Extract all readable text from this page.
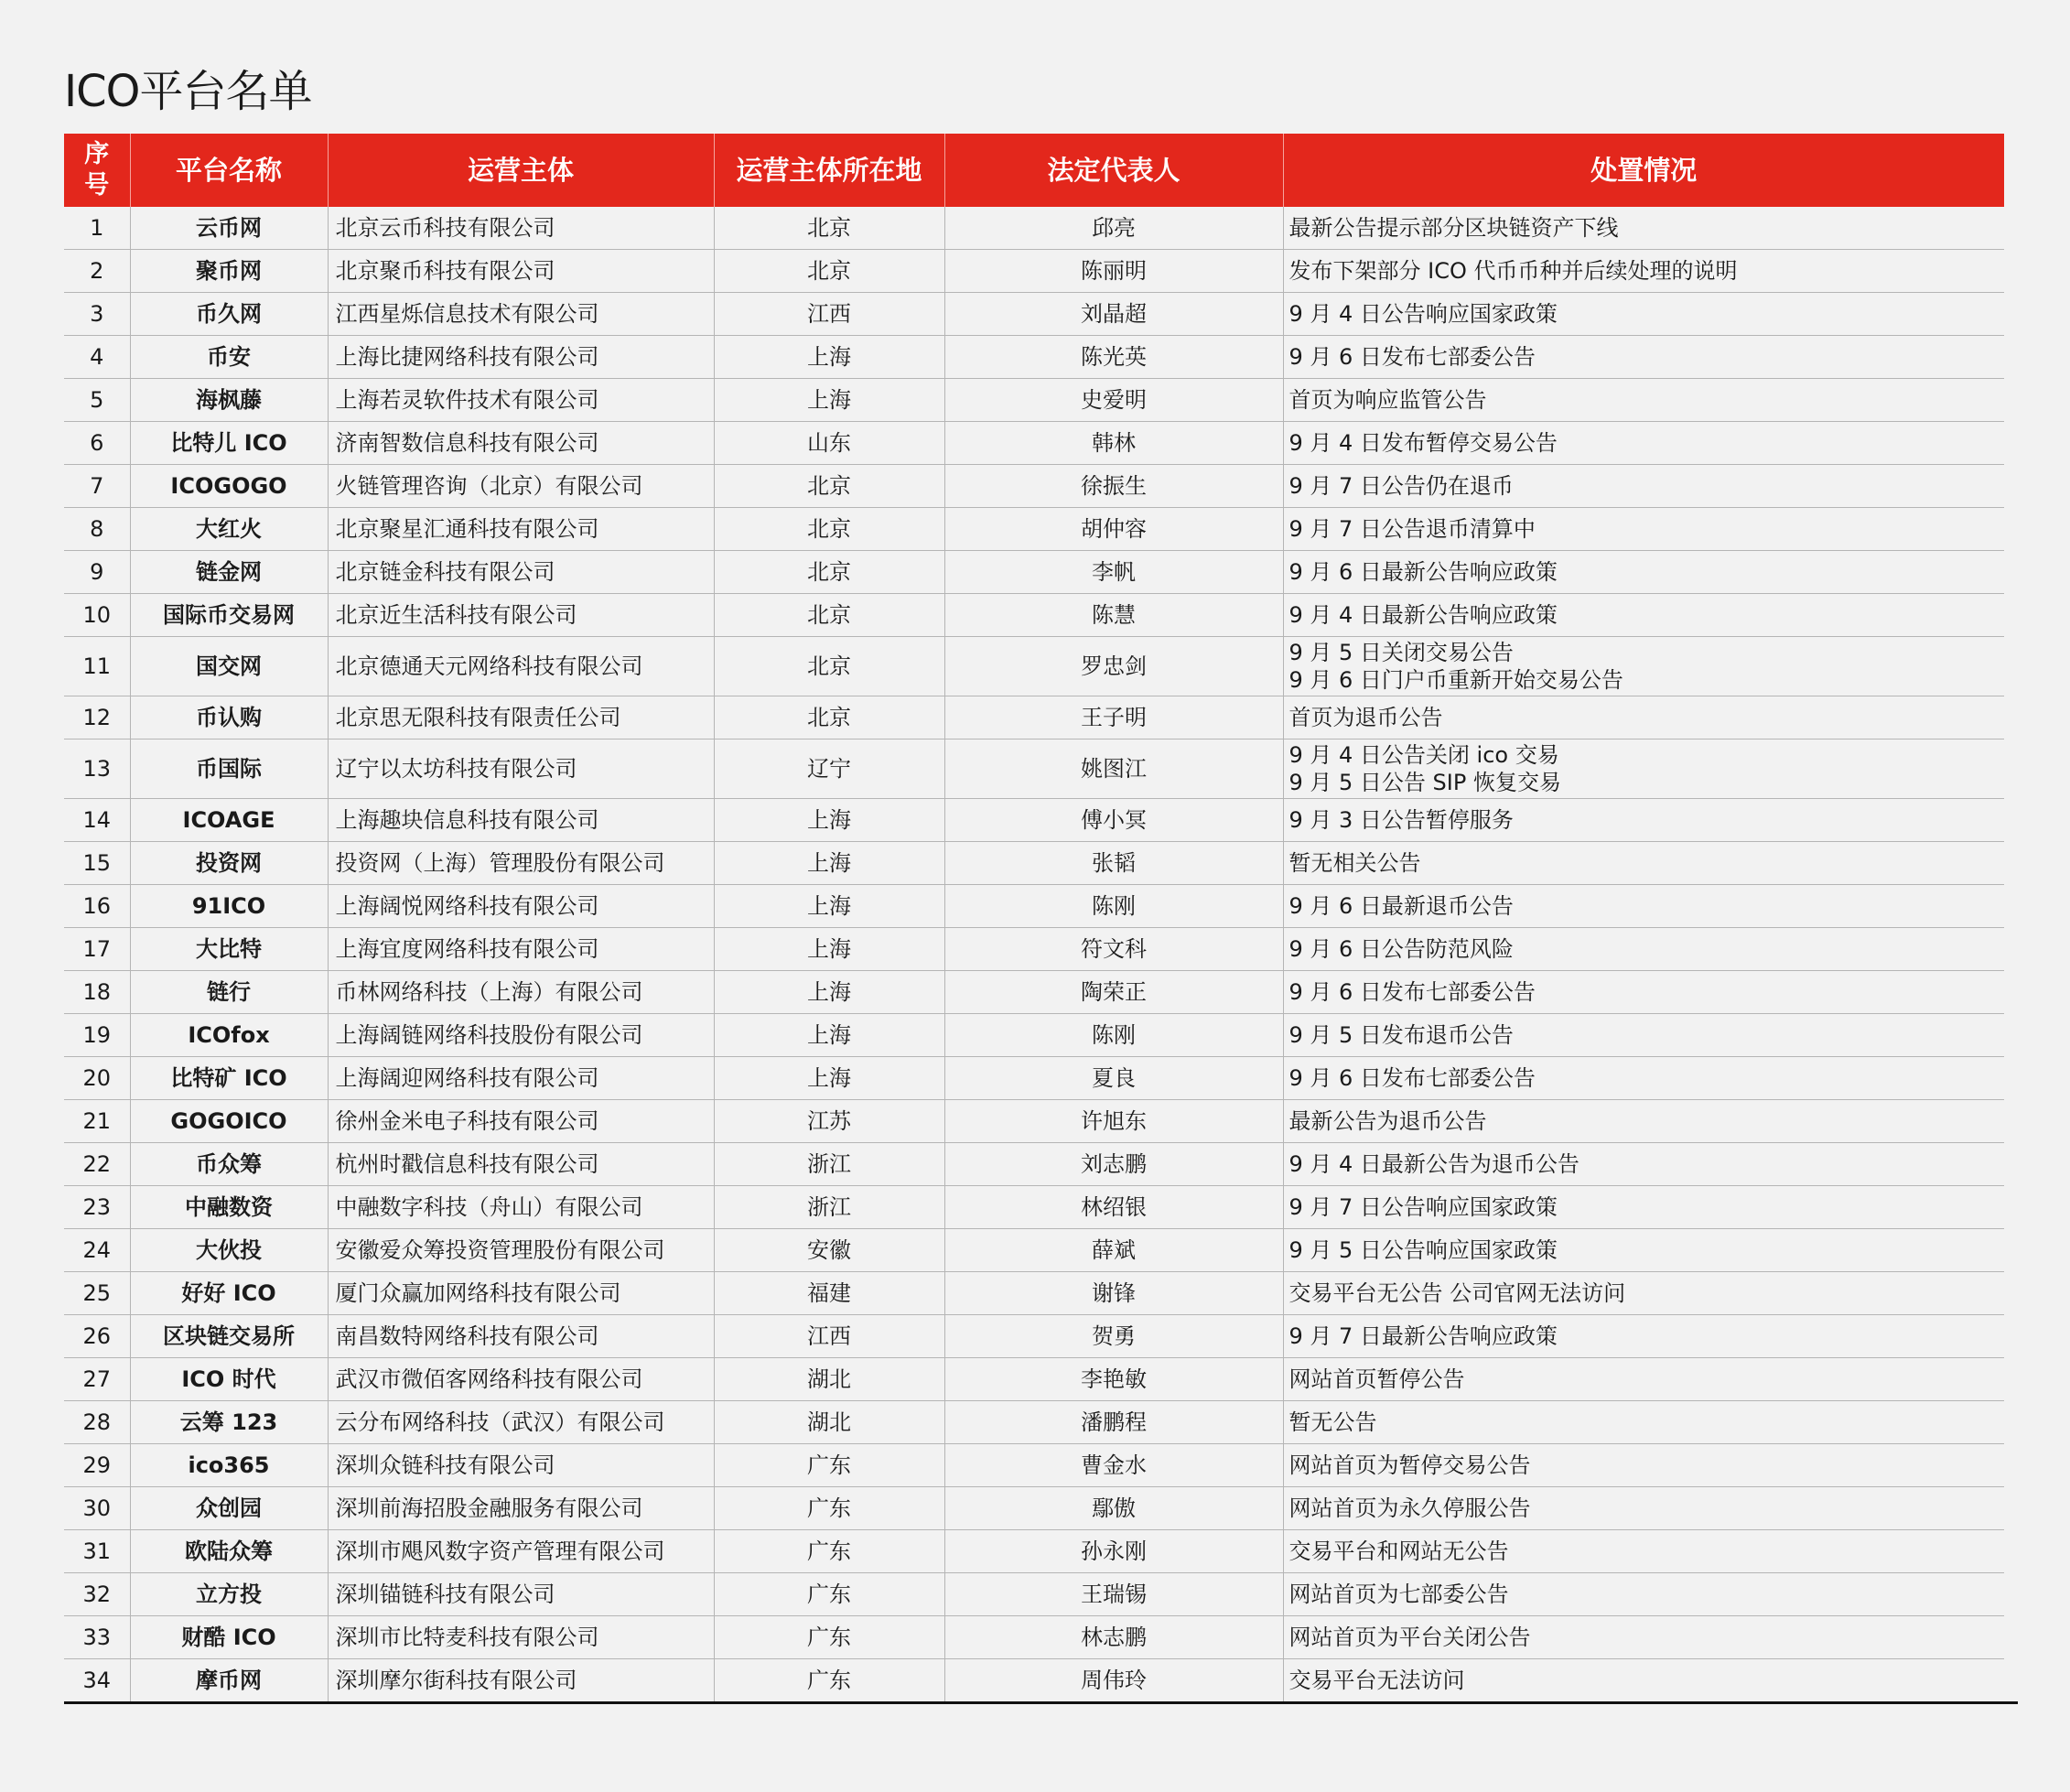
ICO平台名单
序号	平台名称	运营主体	运营主体所在地	法定代表人	处置情况
1	云币网	北京云币科技有限公司	北京	邱亮	最新公告提示部分区块链资产下线

2	聚币网	北京聚币科技有限公司	北京	陈丽明	发布下架部分 ICO 代币币种并后续处理的说明

3	币久网	江西星烁信息技术有限公司	江西	刘晶超	9 月 4 日公告响应国家政策

4	币安	上海比捷网络科技有限公司	上海	陈光英	9 月 6 日发布七部委公告

5	海枫藤	上海若灵软件技术有限公司	上海	史爱明	首页为响应监管公告

6	比特儿 ICO	济南智数信息科技有限公司	山东	韩林	9 月 4 日发布暂停交易公告

7	ICOGOGO	火链管理咨询（北京）有限公司	北京	徐振生	9 月 7 日公告仍在退币

8	大红火	北京聚星汇通科技有限公司	北京	胡仲容	9 月 7 日公告退币清算中

9	链金网	北京链金科技有限公司	北京	李帆	9 月 6 日最新公告响应政策

10	国际币交易网	北京近生活科技有限公司	北京	陈慧	9 月 4 日最新公告响应政策

11	国交网	北京德通天元网络科技有限公司	北京	罗忠剑	9 月 5 日关闭交易公告
9 月 6 日门户币重新开始交易公告

12	币认购	北京思无限科技有限责任公司	北京	王子明	首页为退币公告

13	币国际	辽宁以太坊科技有限公司	辽宁	姚图江	9 月 4 日公告关闭 ico 交易
9 月 5 日公告 SIP 恢复交易

14	ICOAGE	上海趣块信息科技有限公司	上海	傅小冥	9 月 3 日公告暂停服务

15	投资网	投资网（上海）管理股份有限公司	上海	张韬	暂无相关公告

16	91ICO	上海阔悦网络科技有限公司	上海	陈刚	9 月 6 日最新退币公告

17	大比特	上海宜度网络科技有限公司	上海	符文科	9 月 6 日公告防范风险

18	链行	币林网络科技（上海）有限公司	上海	陶荣正	9 月 6 日发布七部委公告

19	ICOfox	上海阔链网络科技股份有限公司	上海	陈刚	9 月 5 日发布退币公告

20	比特矿 ICO	上海阔迎网络科技有限公司	上海	夏良	9 月 6 日发布七部委公告

21	GOGOICO	徐州金米电子科技有限公司	江苏	许旭东	最新公告为退币公告

22	币众筹	杭州时戳信息科技有限公司	浙江	刘志鹏	9 月 4 日最新公告为退币公告

23	中融数资	中融数字科技（舟山）有限公司	浙江	林绍银	9 月 7 日公告响应国家政策

24	大伙投	安徽爱众筹投资管理股份有限公司	安徽	薛斌	9 月 5 日公告响应国家政策

25	好好 ICO	厦门众赢加网络科技有限公司	福建	谢锋	交易平台无公告 公司官网无法访问

26	区块链交易所	南昌数特网络科技有限公司	江西	贺勇	9 月 7 日最新公告响应政策

27	ICO 时代	武汉市微佰客网络科技有限公司	湖北	李艳敏	网站首页暂停公告

28	云筹 123	云分布网络科技（武汉）有限公司	湖北	潘鹏程	暂无公告

29	ico365	深圳众链科技有限公司	广东	曹金水	网站首页为暂停交易公告

30	众创园	深圳前海招股金融服务有限公司	广东	鄢傲	网站首页为永久停服公告

31	欧陆众筹	深圳市飓风数字资产管理有限公司	广东	孙永刚	交易平台和网站无公告

32	立方投	深圳锚链科技有限公司	广东	王瑞锡	网站首页为七部委公告

33	财酷 ICO	深圳市比特麦科技有限公司	广东	林志鹏	网站首页为平台关闭公告

34	摩币网	深圳摩尔街科技有限公司	广东	周伟玲	交易平台无法访问
